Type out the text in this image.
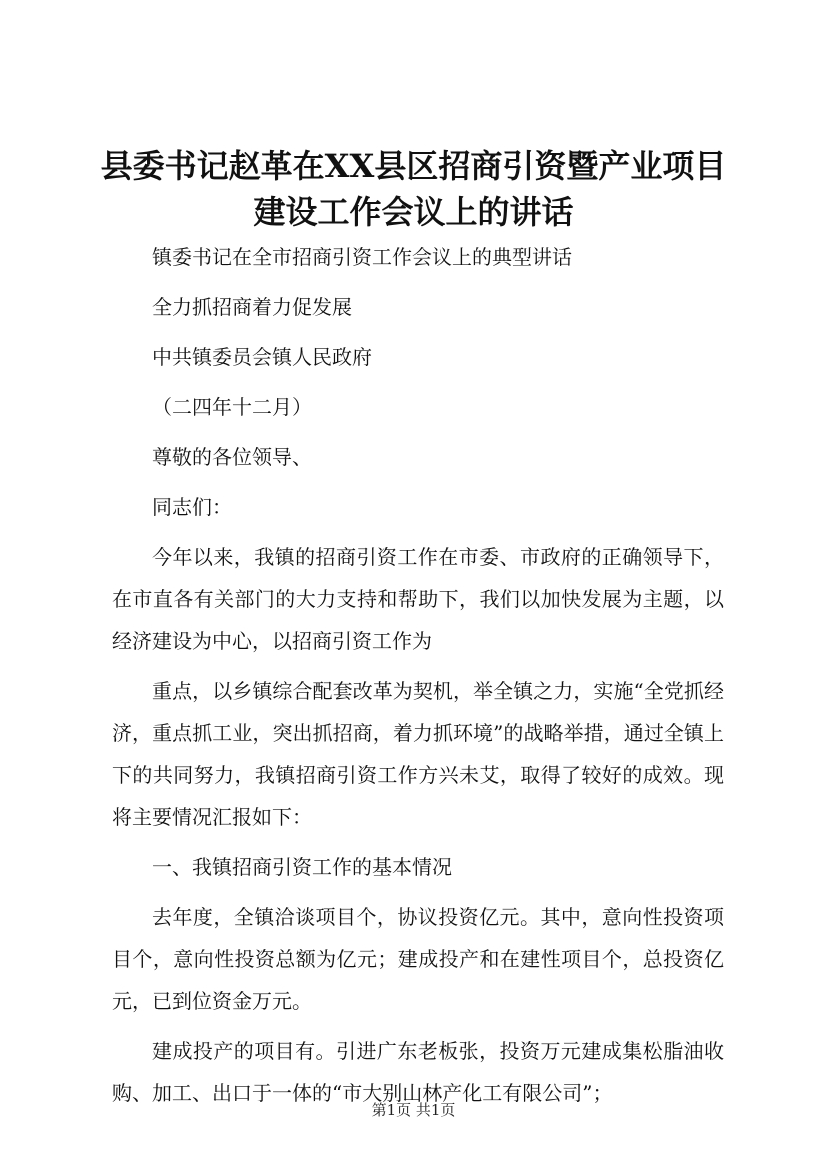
县委书记赵革在XX县区招商引资暨产业项目
建设工作会议上的讲话

镇委书记在全市招商引资工作会议上的典型讲话

全力抓招商着力促发展

中共镇委员会镇人民政府

（二四年十二月）

尊敬的各位领导、

同志们：

今年以来，我镇的招商引资工作在市委、市政府的正确领导下，在市直各有关部门的大力支持和帮助下，我们以加快发展为主题，以经济建设为中心，以招商引资工作为

重点，以乡镇综合配套改革为契机，举全镇之力，实施“全党抓经济，重点抓工业，突出抓招商，着力抓环境”的战略举措，通过全镇上下的共同努力，我镇招商引资工作方兴未艾，取得了较好的成效。现将主要情况汇报如下：

一、我镇招商引资工作的基本情况

去年度，全镇洽谈项目个，协议投资亿元。其中，意向性投资项目个，意向性投资总额为亿元；建成投产和在建性项目个，总投资亿元，已到位资金万元。

建成投产的项目有。引进广东老板张，投资万元建成集松脂油收购、加工、出口于一体的“市大别山林产化工有限公司”；

第1页 共1页
